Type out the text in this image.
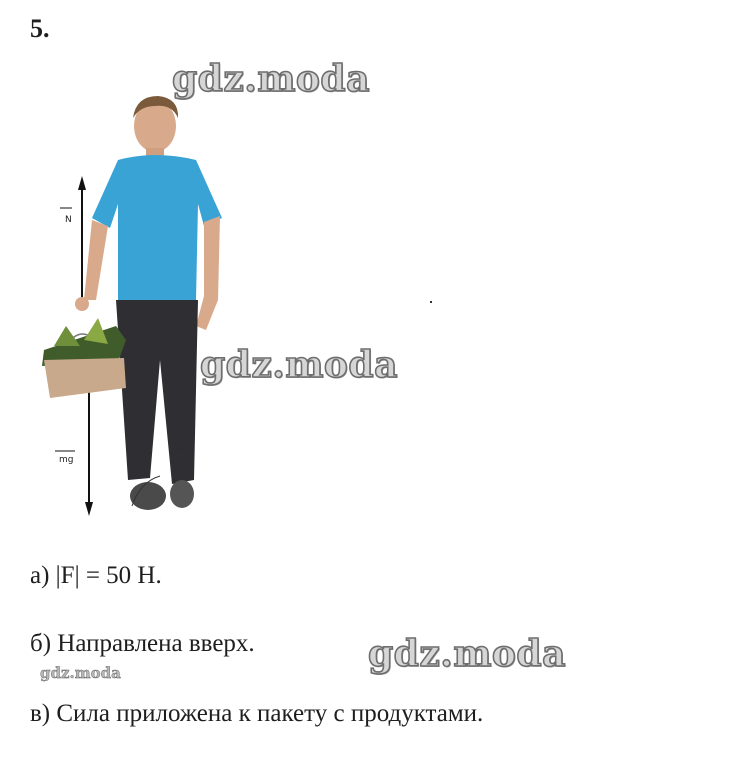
5.
N
mg
gdz.moda
gdz.moda
а) |F| = 50 Н.
б) Направлена вверх.	gdz.moda
gdz.moda
в) Сила приложена к пакету с продуктами.
